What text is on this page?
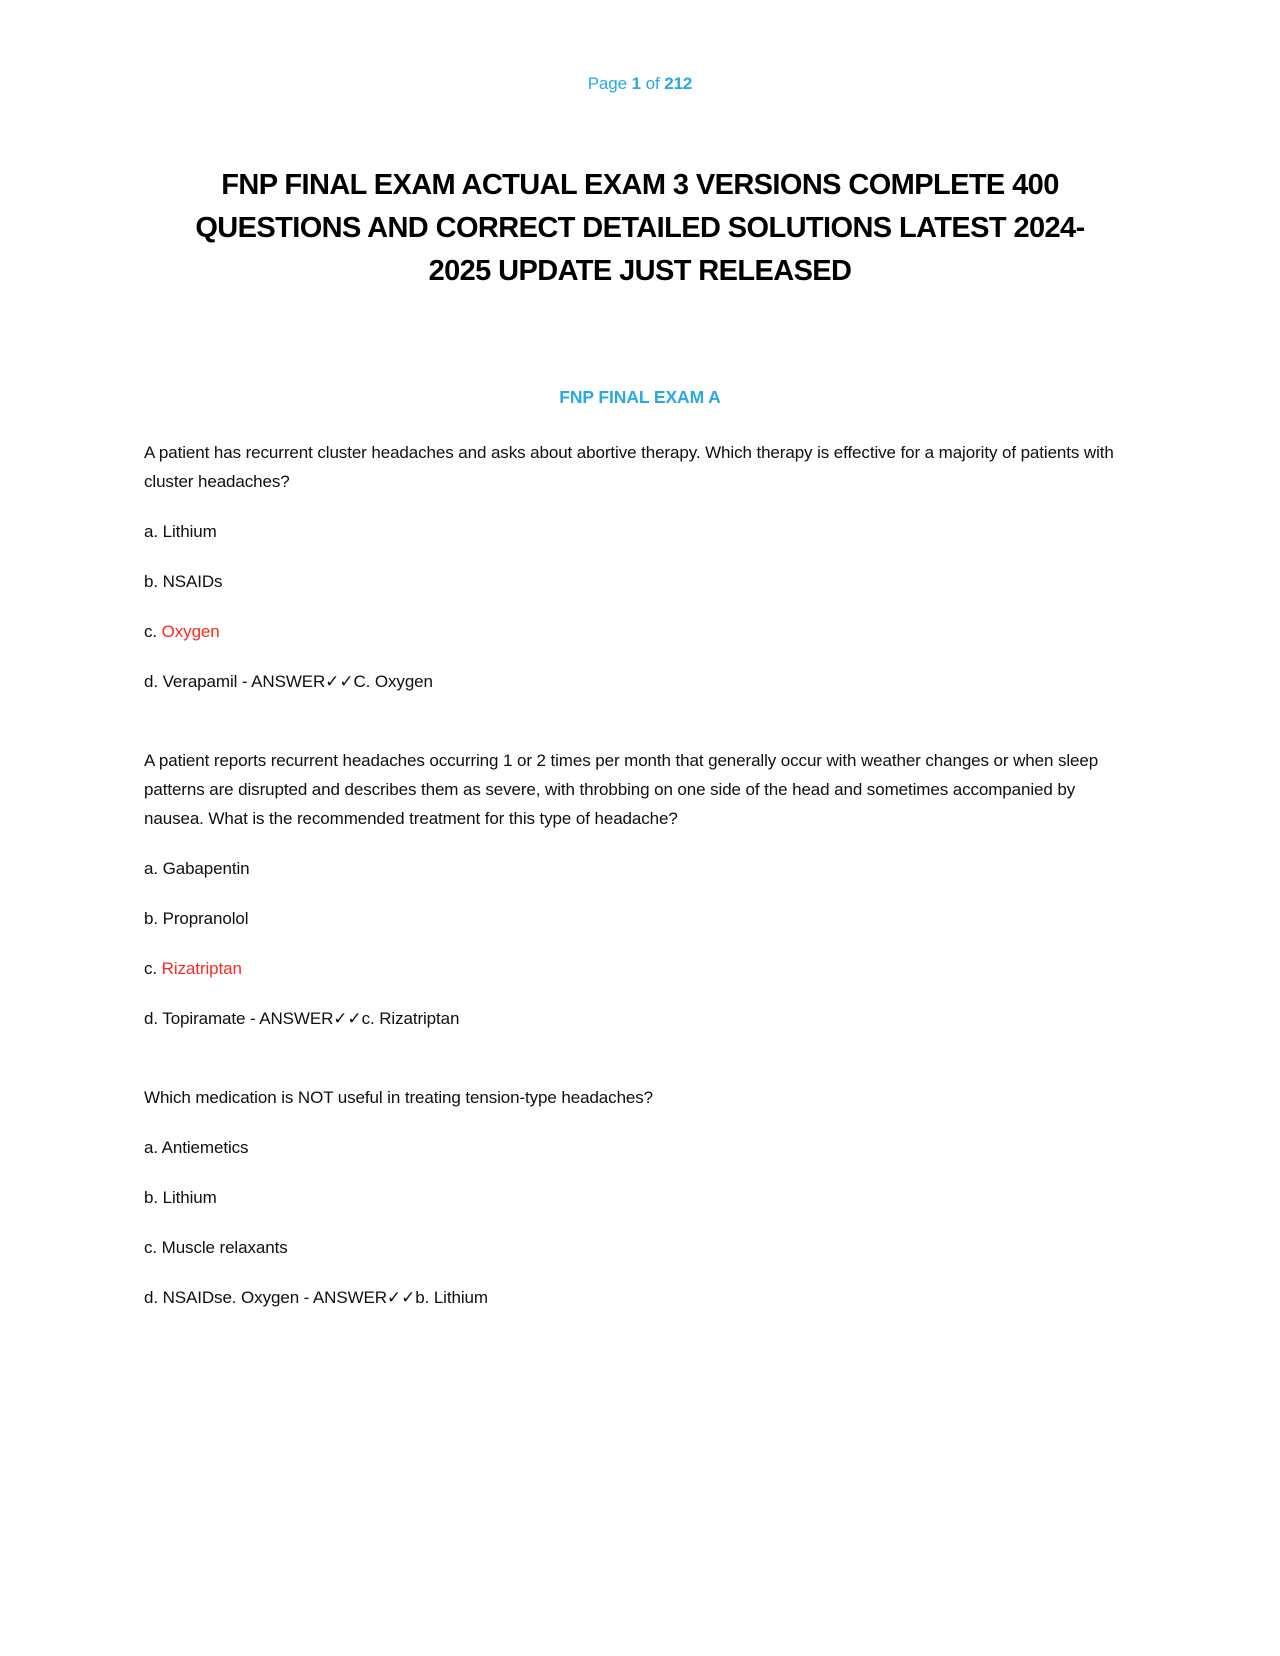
Page 1 of 212
FNP FINAL EXAM ACTUAL EXAM 3 VERSIONS COMPLETE 400
QUESTIONS AND CORRECT DETAILED SOLUTIONS LATEST 2024-
2025 UPDATE JUST RELEASED
FNP FINAL EXAM A

A patient has recurrent cluster headaches and asks about abortive therapy. Which therapy is effective for a majority of patients with cluster headaches?

a. Lithium

b. NSAIDs

c. Oxygen

d. Verapamil - ANSWER✓✓C. Oxygen

A patient reports recurrent headaches occurring 1 or 2 times per month that generally occur with weather changes or when sleep patterns are disrupted and describes them as severe, with throbbing on one side of the head and sometimes accompanied by nausea. What is the recommended treatment for this type of headache?

a. Gabapentin

b. Propranolol

c. Rizatriptan

d. Topiramate - ANSWER✓✓c. Rizatriptan

Which medication is NOT useful in treating tension-type headaches?

a. Antiemetics

b. Lithium

c. Muscle relaxants

d. NSAIDse. Oxygen - ANSWER✓✓b. Lithium
